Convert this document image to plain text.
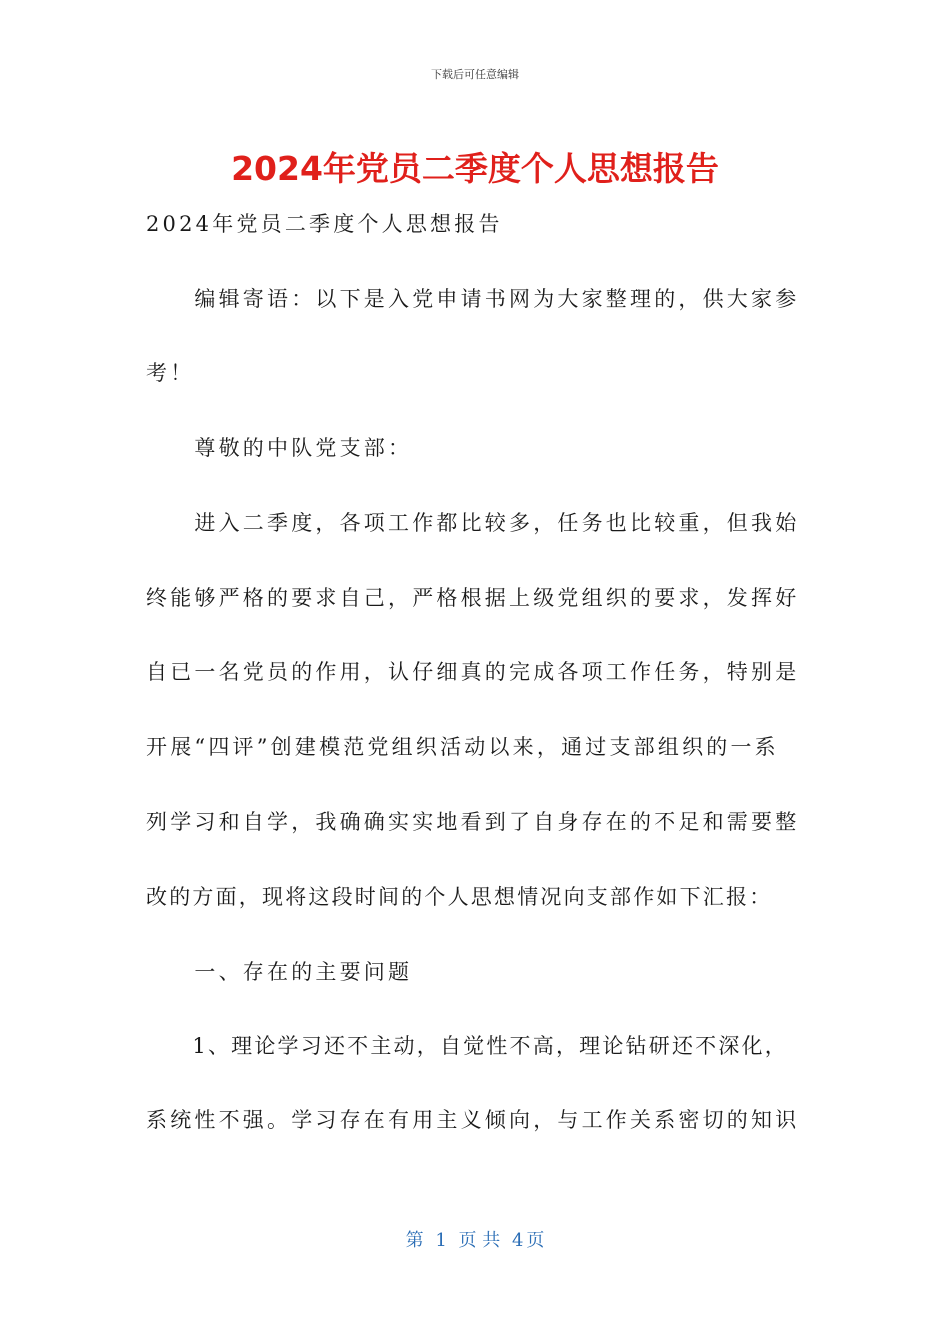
下载后可任意编辑
2024年党员二季度个人思想报告
2024年党员二季度个人思想报告
　　编辑寄语：以下是入党申请书网为大家整理的，供大家参
考！
　　尊敬的中队党支部：
　　进入二季度，各项工作都比较多，任务也比较重，但我始
终能够严格的要求自己，严格根据上级党组织的要求，发挥好
自已一名党员的作用，认仔细真的完成各项工作任务，特别是
开展“四评”创建模范党组织活动以来，通过支部组织的一系
列学习和自学，我确确实实地看到了自身存在的不足和需要整
改的方面，现将这段时间的个人思想情况向支部作如下汇报：
　　一、存在的主要问题
　　1、理论学习还不主动，自觉性不高，理论钻研还不深化，
系统性不强。学习存在有用主义倾向，与工作关系密切的知识
第 1 页 共 4 页
